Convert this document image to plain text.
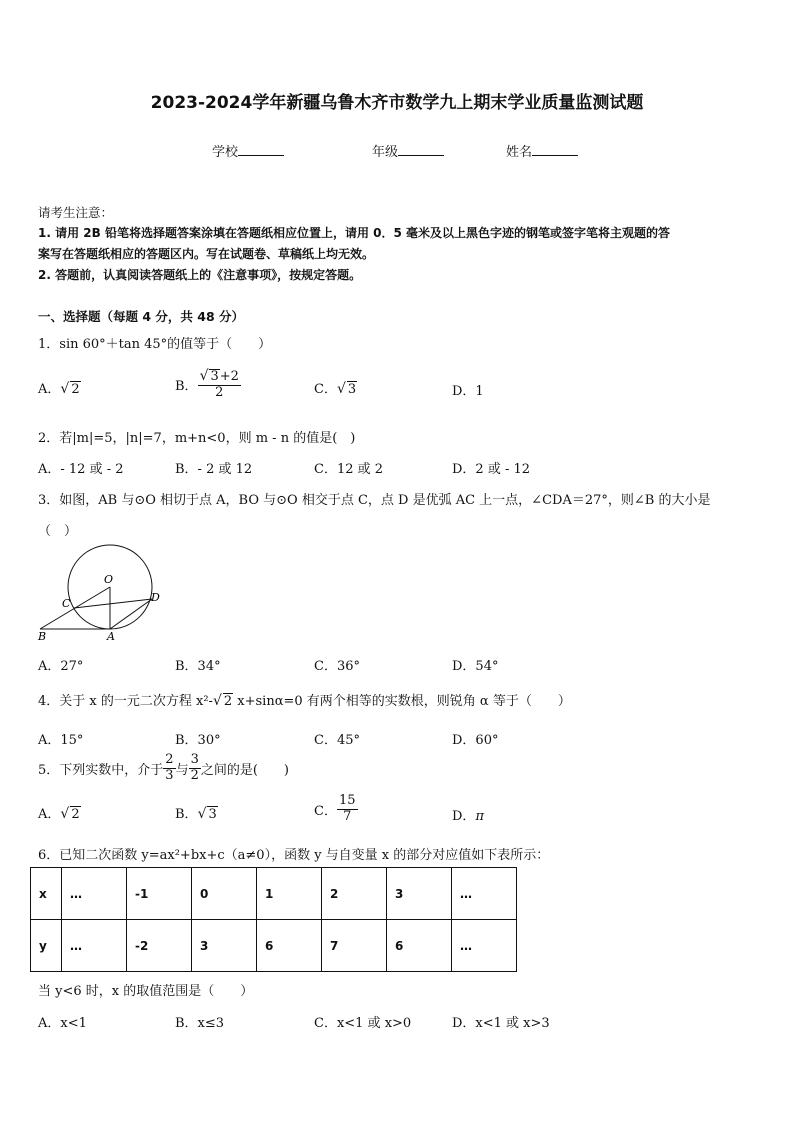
2023-2024学年新疆乌鲁木齐市数学九上期末学业质量监测试题
学校	年级	姓名
请考生注意：
1. 请用 2B 铅笔将选择题答案涂填在答题纸相应位置上，请用 0．5 毫米及以上黑色字迹的钢笔或签字笔将主观题的答
案写在答题纸相应的答题区内。写在试题卷、草稿纸上均无效。
2. 答题前，认真阅读答题纸上的《注意事项》，按规定答题。
一、选择题（每题 4 分，共 48 分）
1．sin 60°＋tan 45°的值等于（　　）
A．√ 2	B． $\frac{√ 3+2}{2}$	C．√ 3	D．1
2．若|m|=5，|n|=7，m+n<0，则 m - n 的值是(　)
A．- 12 或 - 2	B．- 2 或 12	C．12 或 2	D．2 或 - 12
3．如图，AB 与⊙O 相切于点 A，BO 与⊙O 相交于点 C，点 D 是优弧 AC 上一点，∠CDA＝27°，则∠B 的大小是
（　）
O
C	D
B	A
A．27°	B．34°	C．36°	D．54°
4．关于 x 的一元二次方程 x²-√ 2 x+sinα=0 有两个相等的实数根，则锐角 α 等于（　　）
A．15°	B．30°	C．45°	D．60°
5．下列实数中，介于 $\frac{2}{3}$ 与 $\frac{3}{2}$ 之间的是(　　)
A．√ 2	B．√ 3	C． $\frac{15}{7}$	D．π
6．已知二次函数 y=ax²+bx+c（a≠0），函数 y 与自变量 x 的部分对应值如下表所示：
x	…	-1	0	1	2	3	…
y	…	-2	3	6	7	6	…
当 y<6 时，x 的取值范围是（　　）
A．x<1	B．x≤3	C．x<1 或 x>0	D．x<1 或 x>3
